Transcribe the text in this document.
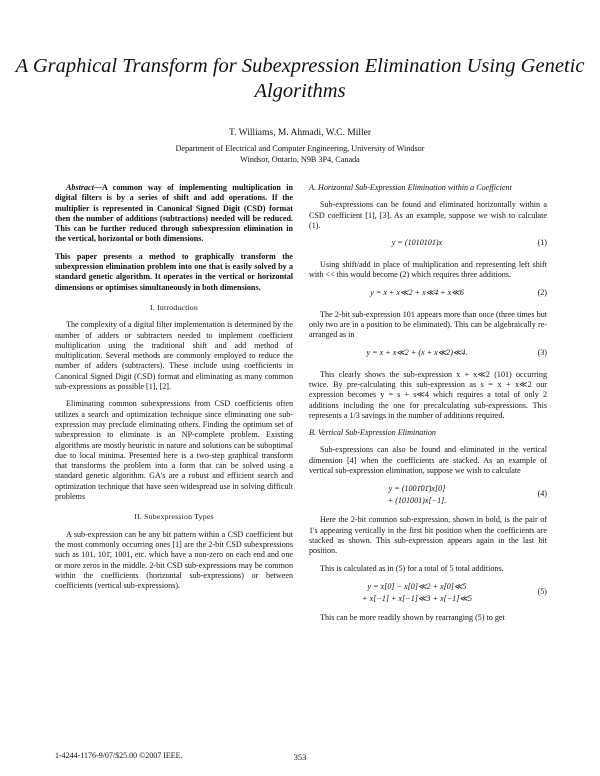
A Graphical Transform for Subexpression Elimination Using Genetic Algorithms
T. Williams, M. Ahmadi, W.C. Miller
Department of Electrical and Computer Engineering, University of Windsor
Windsor, Ontario, N9B 3P4, Canada

Abstract—A common way of implementing multiplication in digital filters is by a series of shift and add operations. If the multiplier is represented in Canonical Signed Digit (CSD) format then the number of additions (subtractions) needed will be reduced. This can be further reduced through subexpression elimination in the vertical, horizontal or both dimensions.

This paper presents a method to graphically transform the subexpression elimination problem into one that is easily solved by a standard genetic algorithm. It operates in the vertical or horizontal dimensions or optimises simultaneously in both dimensions.

I. Introduction

The complexity of a digital filter implementation is determined by the number of adders or subtracters needed to implement coefficient multiplication using the traditional shift and add method of multiplication. Several methods are commonly employed to reduce the number of adders (subtracters). These include using coefficients in Canonical Signed Digit (CSD) format and eliminating as many common sub-expressions as possible [1], [2].

Eliminating common subexpressions from CSD coefficients often utilizes a search and optimization technique since eliminating one sub-expression may preclude eliminating others. Finding the optimum set of subexpression to eliminate is an NP-complete problem. Existing algorithms are mostly heuristic in nature and solutions can be suboptimal due to local minima. Presented here is a two-step graphical transform that transforms the problem into a form that can be solved using a standard genetic algorithm. GA's are a robust and efficient search and optimization technique that have seen widespread use in solving difficult problems

II. Subexpression Types

A sub-expression can be any bit pattern within a CSD coefficient but the most commonly occurring ones [1] are the 2-bit CSD subexpressions such as 101, 101̄, 1001, etc. which have a non-zero on each end and one or more zeros in the middle. 2-bit CSD sub-expressions may be common within the coefficients (horizontal sub-expressions) or between coefficients (vertical sub-expressions).

A. Horizontal Sub-Expression Elimination within a Coefficient

Sub-expressions can be found and eliminated horizontally within a CSD coefficient [1], [3]. As an example, suppose we wish to calculate (1).

y = (1010101)x	(1)

Using shift/add in place of multiplication and representing left shift with << this would become (2) which requires three additions.

y = x + x≪2 + x≪4 + x≪6	(2)

The 2-bit sub-expression 101 appears more than once (three times but only two are in a position to be eliminated). This can be algebraically re-arranged as in

y = x + x≪2 + (x + x≪2)≪4.	(3)

This clearly shows the sub-expression x + x≪2 (101) occurring twice. By pre-calculating this sub-expression as s = x + x≪2 our expression becomes y = s + s≪4 which requires a total of only 2 additions including the one for precalculating sub-expressions. This represents a 1/3 savings in the number of additions required.

B. Vertical Sub-Expression Elimination

Sub-expressions can also be found and eliminated in the vertical dimension [4] when the coefficients are stacked. As an example of vertical sub-expression elimination, suppose we wish to calculate

y = (1001̄01̄)x[0]
+ (101001)x[−1].
(4)

Here the 2-bit common sub-expression, shown in bold, is the pair of 1's appearing vertically in the first bit position when the coefficients are stacked as shown. This sub-expression appears again in the last bit position.

This is calculated as in (5) for a total of 5 total additions.

y = x[0] − x[0]≪2 + x[0]≪5
+ x[−1] + x[−1]≪3 + x[−1]≪5
(5)

This can be more readily shown by rearranging (5) to get

1-4244-1176-9/07/$25.00 ©2007 IEEE.	353
